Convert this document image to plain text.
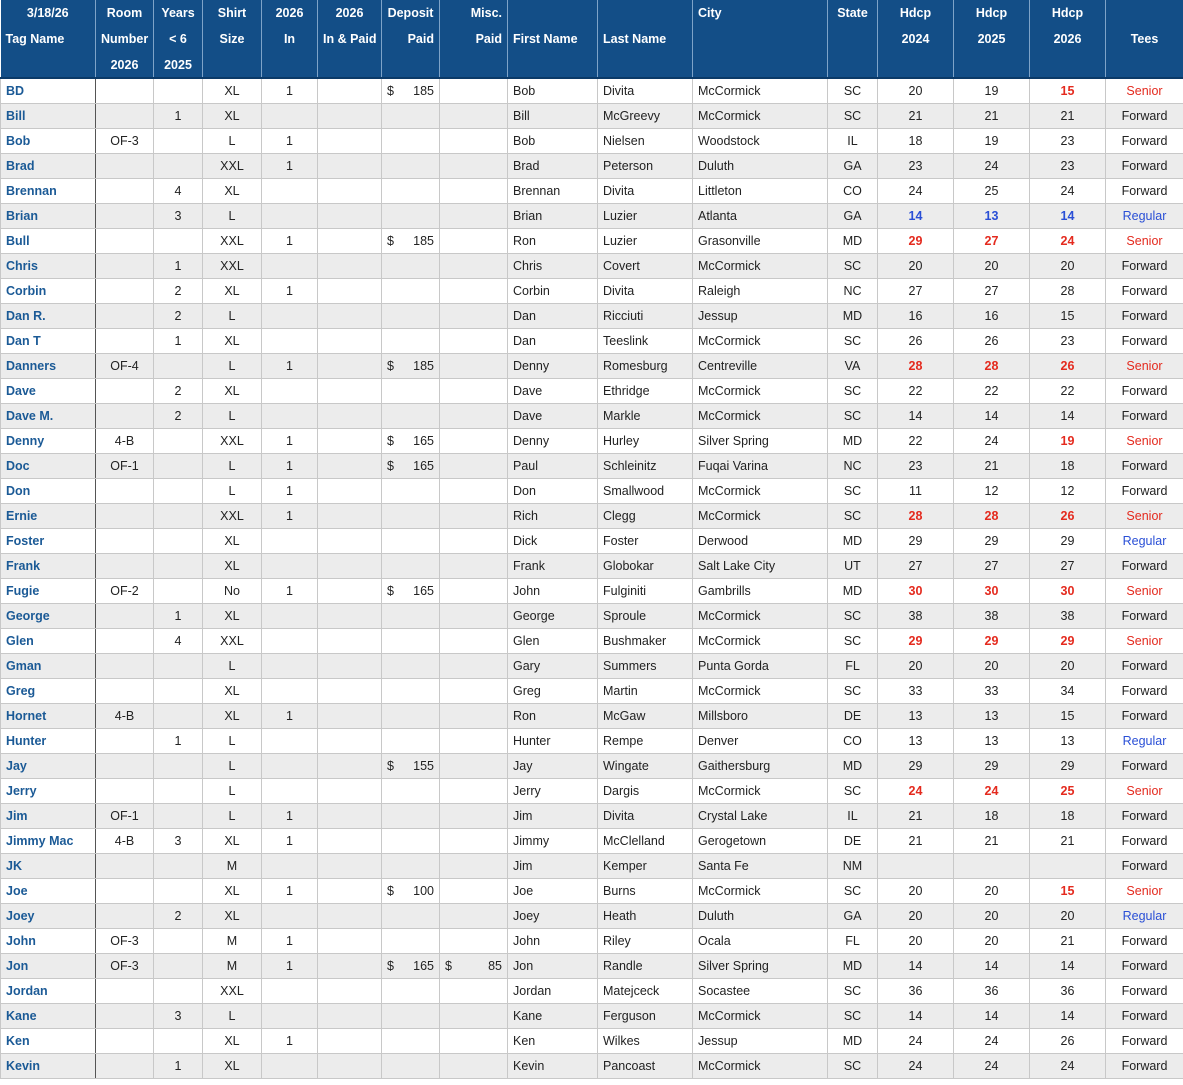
3/18/26	Room	Years	Shirt	2026	2026	Deposit	Misc.			City	State	Hdcp	Hdcp	Hdcp	
Tag Name	Number	< 6	Size	In	In & Paid	Paid	Paid	First Name	Last Name			2024	2025	2026	Tees
	2026	2025													
BD			XL	1		$ 185		Bob	Divita	McCormick	SC	20	19	15	Senior
Bill		1	XL					Bill	McGreevy	McCormick	SC	21	21	21	Forward
Bob	OF-3		L	1				Bob	Nielsen	Woodstock	IL	18	19	23	Forward
Brad			XXL	1				Brad	Peterson	Duluth	GA	23	24	23	Forward
Brennan		4	XL					Brennan	Divita	Littleton	CO	24	25	24	Forward
Brian		3	L					Brian	Luzier	Atlanta	GA	14	13	14	Regular
Bull			XXL	1		$ 185		Ron	Luzier	Grasonville	MD	29	27	24	Senior
Chris		1	XXL					Chris	Covert	McCormick	SC	20	20	20	Forward
Corbin		2	XL	1				Corbin	Divita	Raleigh	NC	27	27	28	Forward
Dan R.		2	L					Dan	Ricciuti	Jessup	MD	16	16	15	Forward
Dan T		1	XL					Dan	Teeslink	McCormick	SC	26	26	23	Forward
Danners	OF-4		L	1		$ 185		Denny	Romesburg	Centreville	VA	28	28	26	Senior
Dave		2	XL					Dave	Ethridge	McCormick	SC	22	22	22	Forward
Dave M.		2	L					Dave	Markle	McCormick	SC	14	14	14	Forward
Denny	4-B		XXL	1		$ 165		Denny	Hurley	Silver Spring	MD	22	24	19	Senior
Doc	OF-1		L	1		$ 165		Paul	Schleinitz	Fuqai Varina	NC	23	21	18	Forward
Don			L	1				Don	Smallwood	McCormick	SC	11	12	12	Forward
Ernie			XXL	1				Rich	Clegg	McCormick	SC	28	28	26	Senior
Foster			XL					Dick	Foster	Derwood	MD	29	29	29	Regular
Frank			XL					Frank	Globokar	Salt Lake City	UT	27	27	27	Forward
Fugie	OF-2		No	1		$ 165		John	Fulginiti	Gambrills	MD	30	30	30	Senior
George		1	XL					George	Sproule	McCormick	SC	38	38	38	Forward
Glen		4	XXL					Glen	Bushmaker	McCormick	SC	29	29	29	Senior
Gman			L					Gary	Summers	Punta Gorda	FL	20	20	20	Forward
Greg			XL					Greg	Martin	McCormick	SC	33	33	34	Forward
Hornet	4-B		XL	1				Ron	McGaw	Millsboro	DE	13	13	15	Forward
Hunter		1	L					Hunter	Rempe	Denver	CO	13	13	13	Regular
Jay			L			$ 155		Jay	Wingate	Gaithersburg	MD	29	29	29	Forward
Jerry			L					Jerry	Dargis	McCormick	SC	24	24	25	Senior
Jim	OF-1		L	1				Jim	Divita	Crystal Lake	IL	21	18	18	Forward
Jimmy Mac	4-B	3	XL	1				Jimmy	McClelland	Gerogetown	DE	21	21	21	Forward
JK			M					Jim	Kemper	Santa Fe	NM				Forward
Joe			XL	1		$ 100		Joe	Burns	McCormick	SC	20	20	15	Senior
Joey		2	XL					Joey	Heath	Duluth	GA	20	20	20	Regular
John	OF-3		M	1				John	Riley	Ocala	FL	20	20	21	Forward
Jon	OF-3		M	1		$ 165	$ 85	Jon	Randle	Silver Spring	MD	14	14	14	Forward
Jordan			XXL					Jordan	Matejceck	Socastee	SC	36	36	36	Forward
Kane		3	L					Kane	Ferguson	McCormick	SC	14	14	14	Forward
Ken			XL	1				Ken	Wilkes	Jessup	MD	24	24	26	Forward
Kevin		1	XL					Kevin	Pancoast	McCormick	SC	24	24	24	Forward
